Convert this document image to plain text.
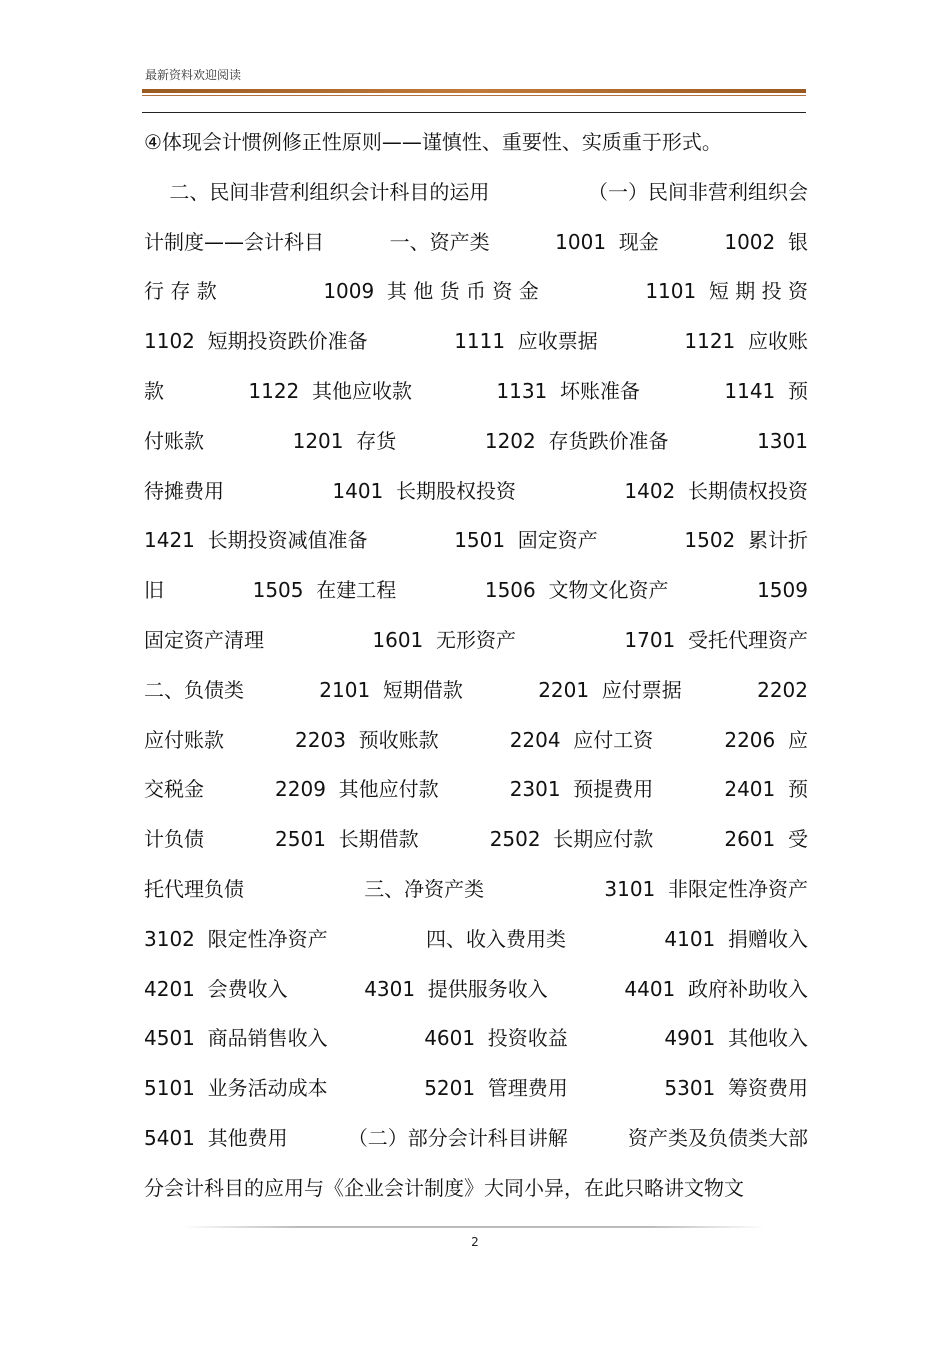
最新资料欢迎阅读
④体现会计惯例修正性原则——谨慎性、重要性、实质重于形式。
二、民间非营利组织会计科目的运用	（一）民间非营利组织会
计制度——会计科目	一、资产类	1001  现金	1002  银
行 存 款	1009  其 他 货 币 资 金	1101  短 期 投 资
1102  短期投资跌价准备	1111  应收票据	1121  应收账
款	1122  其他应收款	1131  坏账准备	1141  预
付账款	1201  存货	1202  存货跌价准备	1301
待摊费用	1401  长期股权投资	1402  长期债权投资
1421  长期投资减值准备	1501  固定资产	1502  累计折
旧	1505  在建工程	1506  文物文化资产	1509
固定资产清理	1601  无形资产	1701  受托代理资产
二、负债类	2101  短期借款	2201  应付票据	2202
应付账款	2203  预收账款	2204  应付工资	2206  应
交税金	2209  其他应付款	2301  预提费用	2401  预
计负债	2501  长期借款	2502  长期应付款	2601  受
托代理负债	三、净资产类	3101  非限定性净资产
3102  限定性净资产	四、收入费用类	4101  捐赠收入
4201  会费收入	4301  提供服务收入	4401  政府补助收入
4501  商品销售收入	4601  投资收益	4901  其他收入
5101  业务活动成本	5201  管理费用	5301  筹资费用
5401  其他费用	（二）部分会计科目讲解	资产类及负债类大部
分会计科目的应用与《企业会计制度》大同小异，在此只略讲文物文
2
